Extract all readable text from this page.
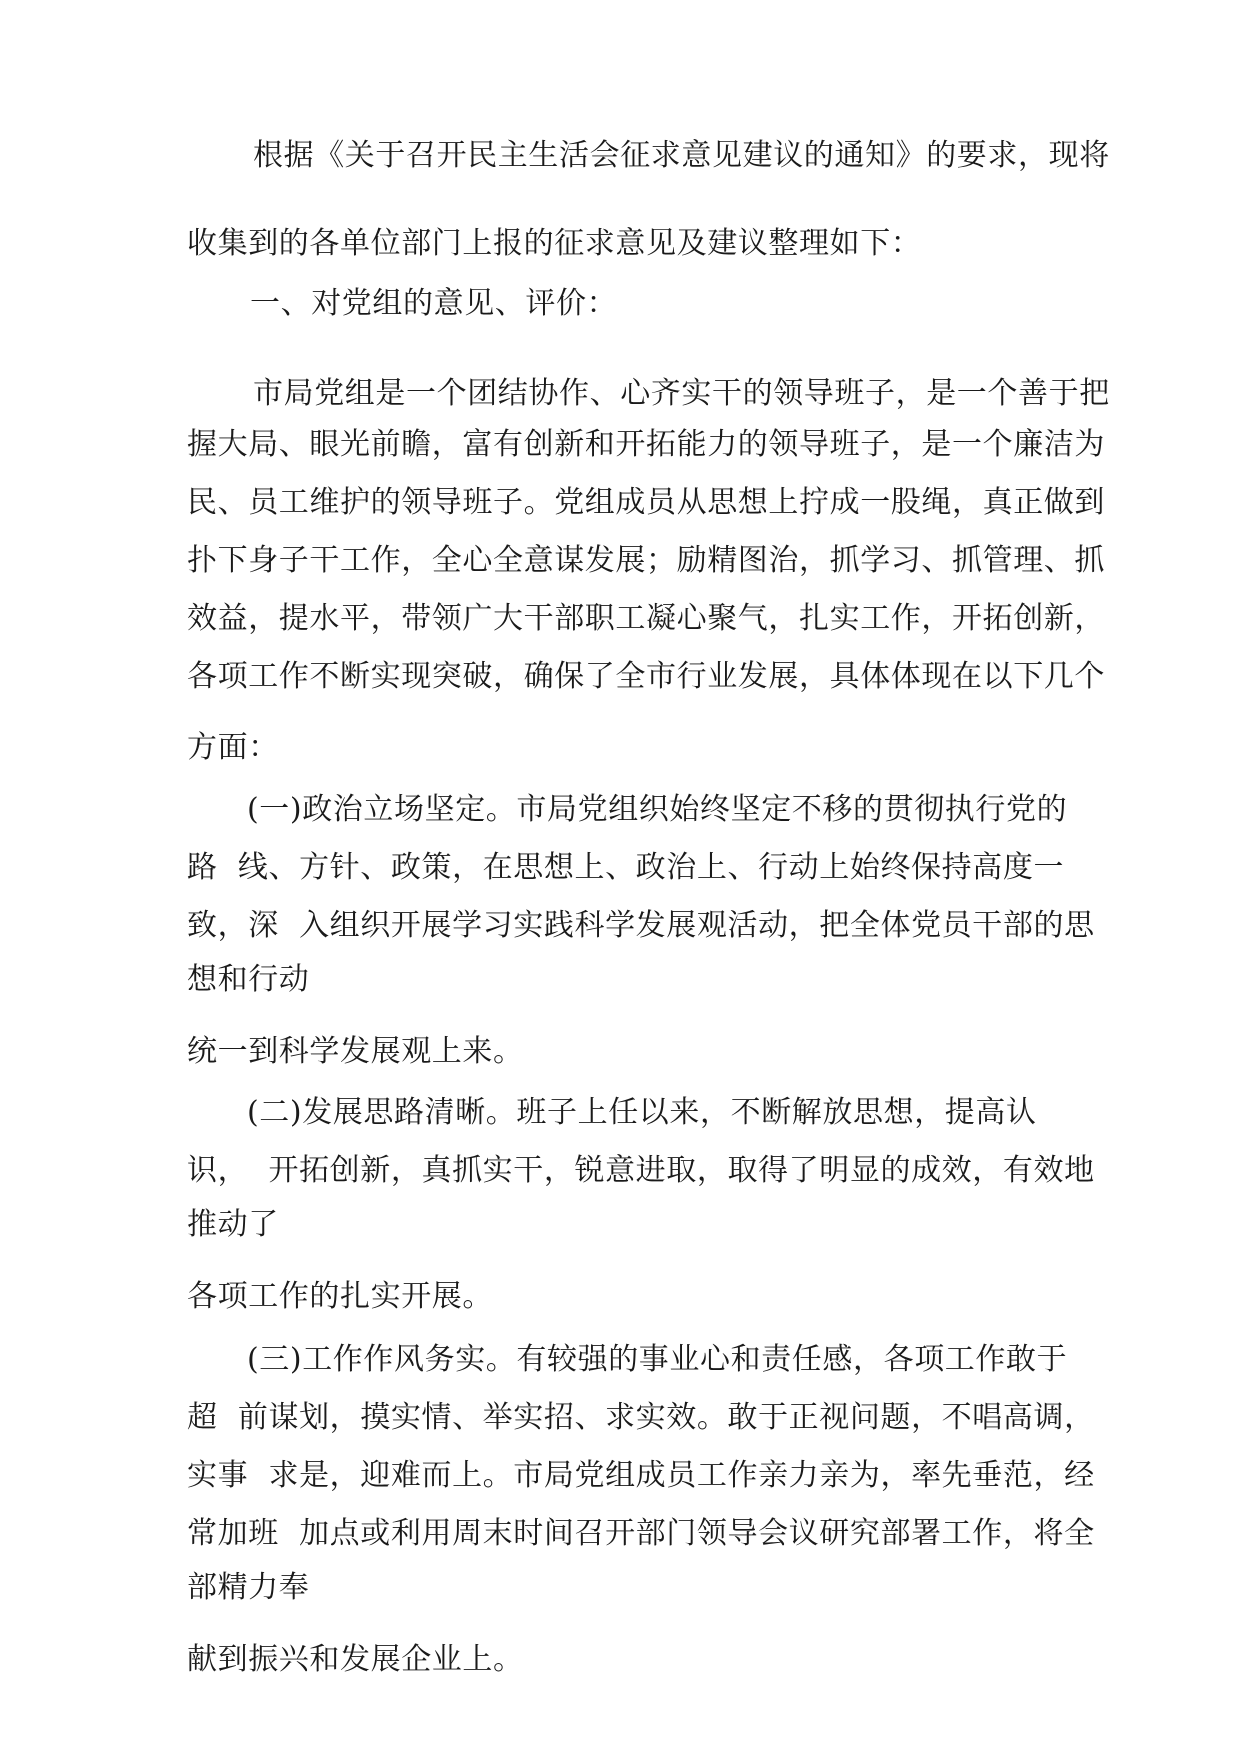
根据《关于召开民主生活会征求意见建议的通知》的要求，现将
收集到的各单位部门上报的征求意见及建议整理如下：
一、对党组的意见、评价：
市局党组是一个团结协作、心齐实干的领导班子，是一个善于把
握大局、眼光前瞻，富有创新和开拓能力的领导班子，是一个廉洁为
民、员工维护的领导班子。党组成员从思想上拧成一股绳，真正做到
扑下身子干工作，全心全意谋发展；励精图治，抓学习、抓管理、抓
效益，提水平，带领广大干部职工凝心聚气，扎实工作，开拓创新，
各项工作不断实现突破，确保了全市行业发展，具体体现在以下几个
方面：
(一)政治立场坚定。市局党组织始终坚定不移的贯彻执行党的
路  线、方针、政策，在思想上、政治上、行动上始终保持高度一
致，深  入组织开展学习实践科学发展观活动，把全体党员干部的思
想和行动
统一到科学发展观上来。
(二)发展思路清晰。班子上任以来，不断解放思想，提高认
识，  开拓创新，真抓实干，锐意进取，取得了明显的成效，有效地
推动了
各项工作的扎实开展。
(三)工作作风务实。有较强的事业心和责任感，各项工作敢于
超  前谋划，摸实情、举实招、求实效。敢于正视问题，不唱高调，
实事  求是，迎难而上。市局党组成员工作亲力亲为，率先垂范，经
常加班  加点或利用周末时间召开部门领导会议研究部署工作，将全
部精力奉
献到振兴和发展企业上。
